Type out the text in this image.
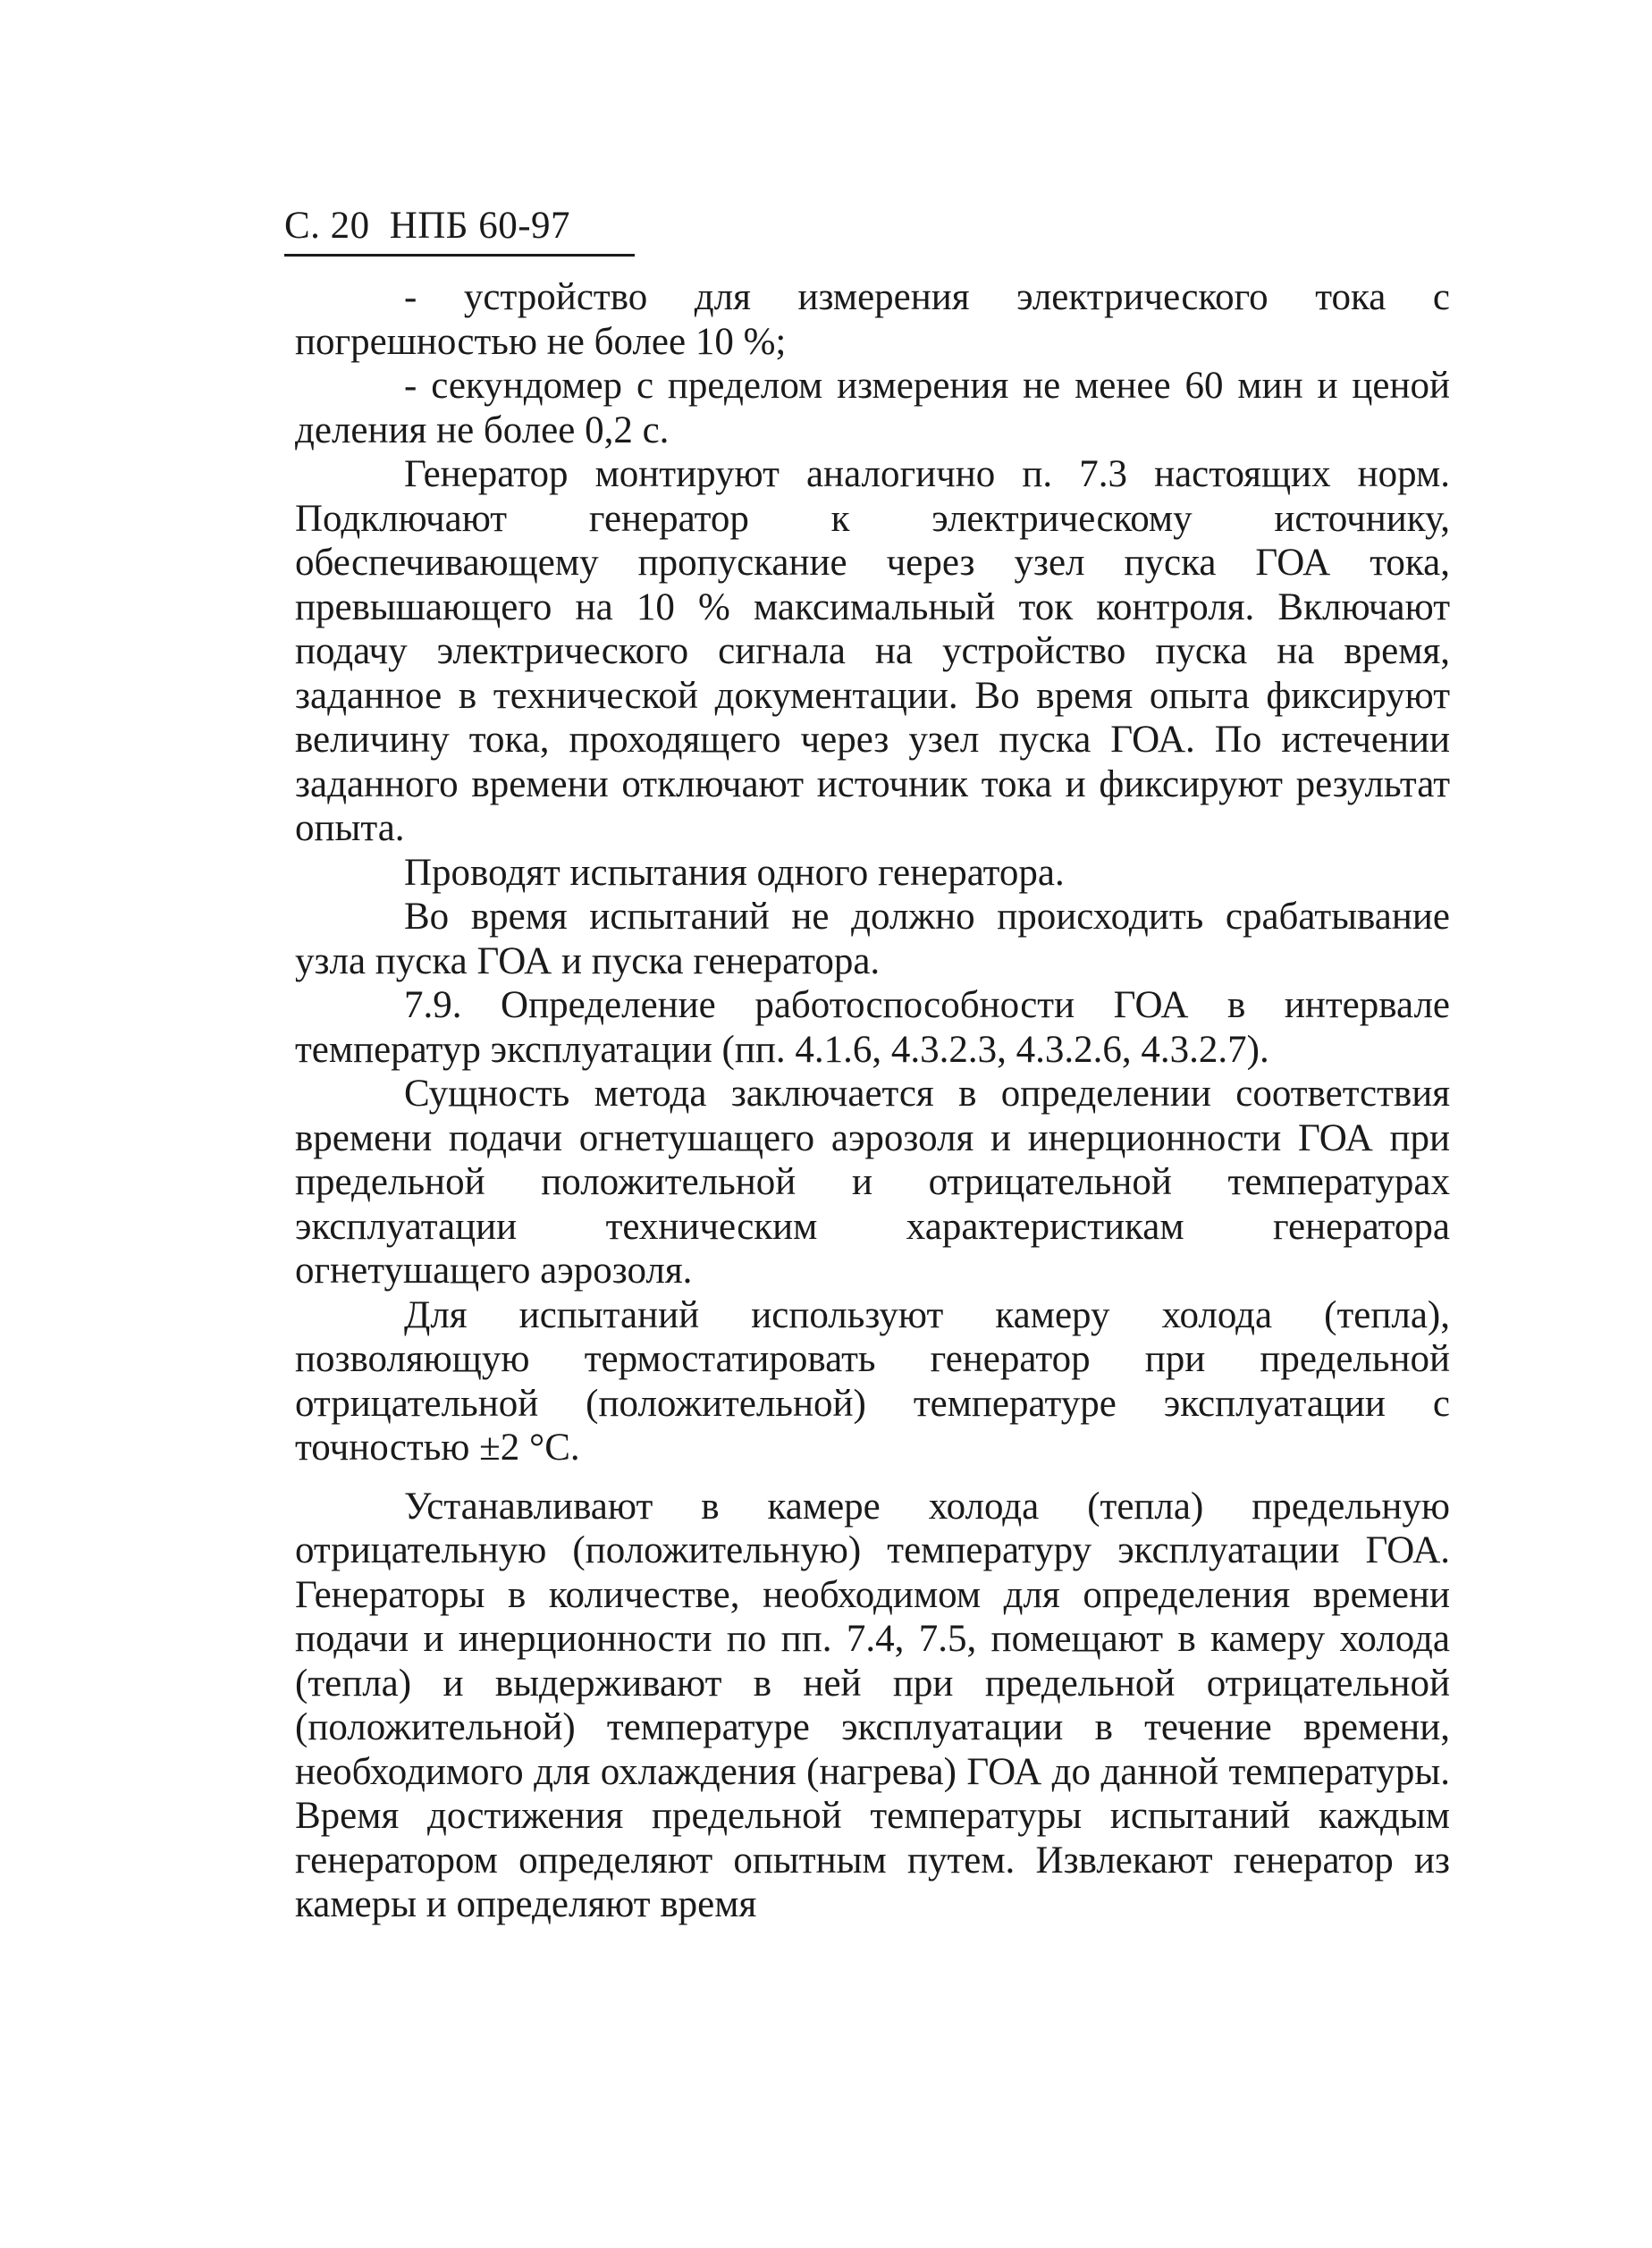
С. 20 НПБ 60-97

- устройство для измерения электрического тока с погрешностью не более 10 %;

- секундомер с пределом измерения не менее 60 мин и ценой деления не более 0,2 с.

Генератор монтируют аналогично п. 7.3 настоящих норм. Подключают генератор к электрическому источнику, обеспечивающему пропускание через узел пуска ГОА тока, превышающего на 10 % максимальный ток контроля. Включают подачу электрического сигнала на устройство пуска на время, заданное в технической документации. Во время опыта фиксируют величину тока, проходящего через узел пуска ГОА. По истечении заданного времени отключают источник тока и фиксируют результат опыта.

Проводят испытания одного генератора.

Во время испытаний не должно происходить срабатывание узла пуска ГОА и пуска генератора.

7.9. Определение работоспособности ГОА в интервале температур эксплуатации (пп. 4.1.6, 4.3.2.3, 4.3.2.6, 4.3.2.7).

Сущность метода заключается в определении соответствия времени подачи огнетушащего аэрозоля и инерционности ГОА при предельной положительной и отрицательной температурах эксплуатации техническим характеристикам генератора огнетушащего аэрозоля.

Для испытаний используют камеру холода (тепла), позволяющую термостатировать генератор при предельной отрицательной (положительной) температуре эксплуатации с точностью ±2 °С.

Устанавливают в камере холода (тепла) предельную отрицательную (положительную) температуру эксплуатации ГОА. Генераторы в количестве, необходимом для определения времени подачи и инерционности по пп. 7.4, 7.5, помещают в камеру холода (тепла) и выдерживают в ней при предельной отрицательной (положительной) температуре эксплуатации в течение времени, необходимого для охлаждения (нагрева) ГОА до данной температуры. Время достижения предельной температуры испытаний каждым генератором определяют опытным путем. Извлекают генератор из камеры и определяют время
